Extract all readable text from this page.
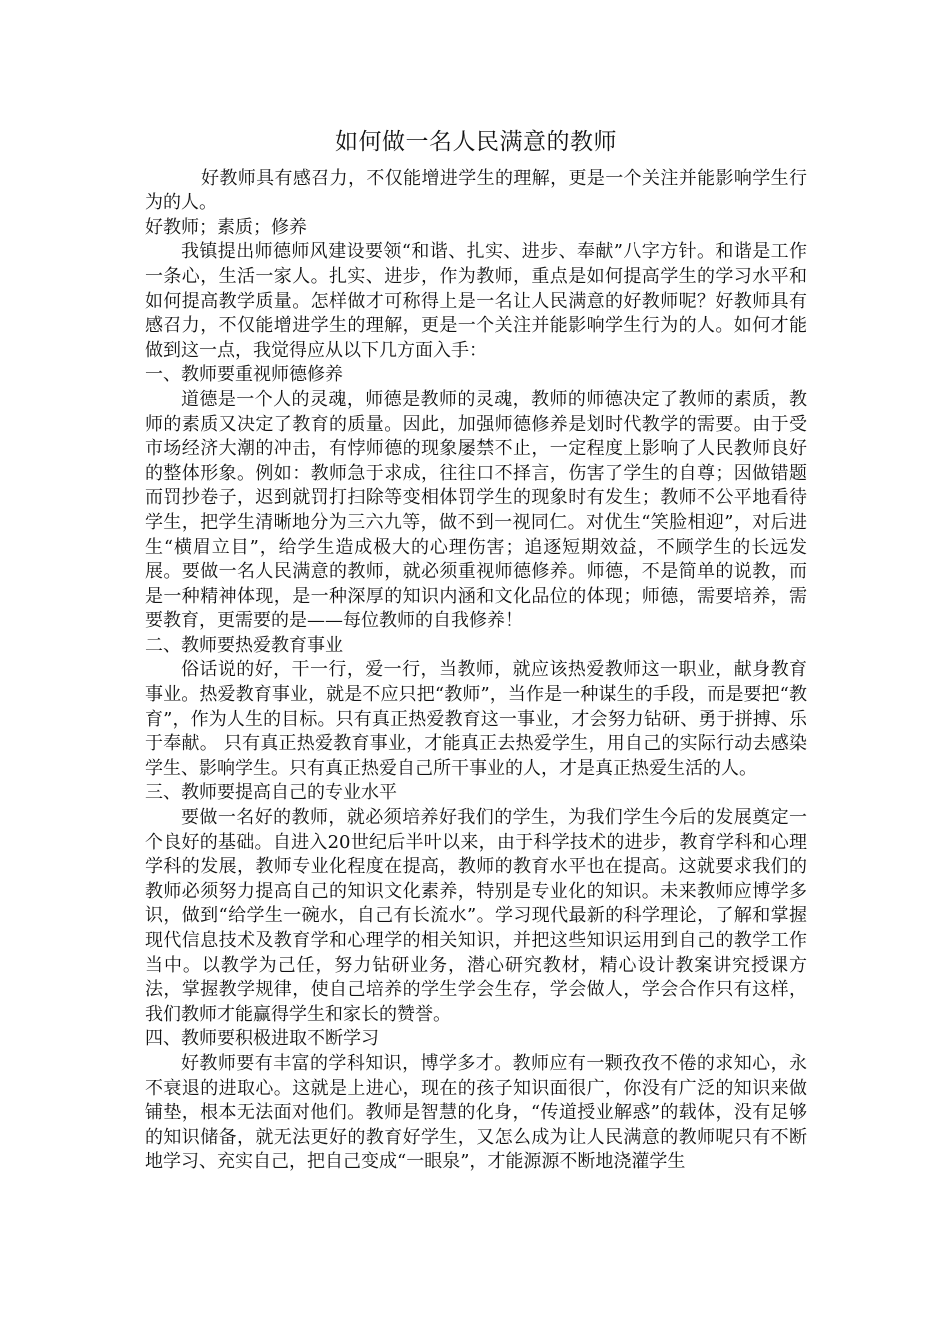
如何做一名人民满意的教师

好教师具有感召力，不仅能增进学生的理解，更是一个关注并能影响学生行为的人。

好教师；素质；修养

我镇提出师德师风建设要领“和谐、扎实、进步、奉献”八字方针。和谐是工作一条心，生活一家人。扎实、进步，作为教师，重点是如何提高学生的学习水平和如何提高教学质量。怎样做才可称得上是一名让人民满意的好教师呢？好教师具有感召力，不仅能增进学生的理解，更是一个关注并能影响学生行为的人。如何才能做到这一点，我觉得应从以下几方面入手：

一、教师要重视师德修养

道德是一个人的灵魂，师德是教师的灵魂，教师的师德决定了教师的素质，教师的素质又决定了教育的质量。因此，加强师德修养是划时代教学的需要。由于受市场经济大潮的冲击，有悖师德的现象屡禁不止，一定程度上影响了人民教师良好的整体形象。例如：教师急于求成，往往口不择言，伤害了学生的自尊；因做错题而罚抄卷子，迟到就罚打扫除等变相体罚学生的现象时有发生；教师不公平地看待学生，把学生清晰地分为三六九等，做不到一视同仁。对优生“笑脸相迎”，对后进生“横眉立目”，给学生造成极大的心理伤害；追逐短期效益，不顾学生的长远发展。要做一名人民满意的教师，就必须重视师德修养。师德，不是简单的说教，而是一种精神体现，是一种深厚的知识内涵和文化品位的体现；师德，需要培养，需要教育，更需要的是——每位教师的自我修养！

二、教师要热爱教育事业

俗话说的好，干一行，爱一行，当教师，就应该热爱教师这一职业，献身教育事业。热爱教育事业，就是不应只把“教师”，当作是一种谋生的手段，而是要把“教育”，作为人生的目标。只有真正热爱教育这一事业，才会努力钻研、勇于拼搏、乐于奉献。 只有真正热爱教育事业，才能真正去热爱学生，用自己的实际行动去感染学生、影响学生。只有真正热爱自己所干事业的人，才是真正热爱生活的人。

三、教师要提高自己的专业水平

要做一名好的教师，就必须培养好我们的学生，为我们学生今后的发展奠定一个良好的基础。自进入20世纪后半叶以来，由于科学技术的进步，教育学科和心理学科的发展，教师专业化程度在提高，教师的教育水平也在提高。这就要求我们的教师必须努力提高自己的知识文化素养，特别是专业化的知识。未来教师应博学多识，做到“给学生一碗水，自己有长流水”。学习现代最新的科学理论，了解和掌握现代信息技术及教育学和心理学的相关知识，并把这些知识运用到自己的教学工作当中。以教学为己任，努力钻研业务，潜心研究教材，精心设计教案讲究授课方法，掌握教学规律，使自己培养的学生学会生存，学会做人，学会合作只有这样，我们教师才能赢得学生和家长的赞誉。

四、教师要积极进取不断学习

好教师要有丰富的学科知识，博学多才。教师应有一颗孜孜不倦的求知心，永不衰退的进取心。这就是上进心，现在的孩子知识面很广，你没有广泛的知识来做铺垫，根本无法面对他们。教师是智慧的化身，“传道授业解惑”的载体，没有足够的知识储备，就无法更好的教育好学生，又怎么成为让人民满意的教师呢只有不断地学习、充实自己，把自己变成“一眼泉”，才能源源不断地浇灌学生
